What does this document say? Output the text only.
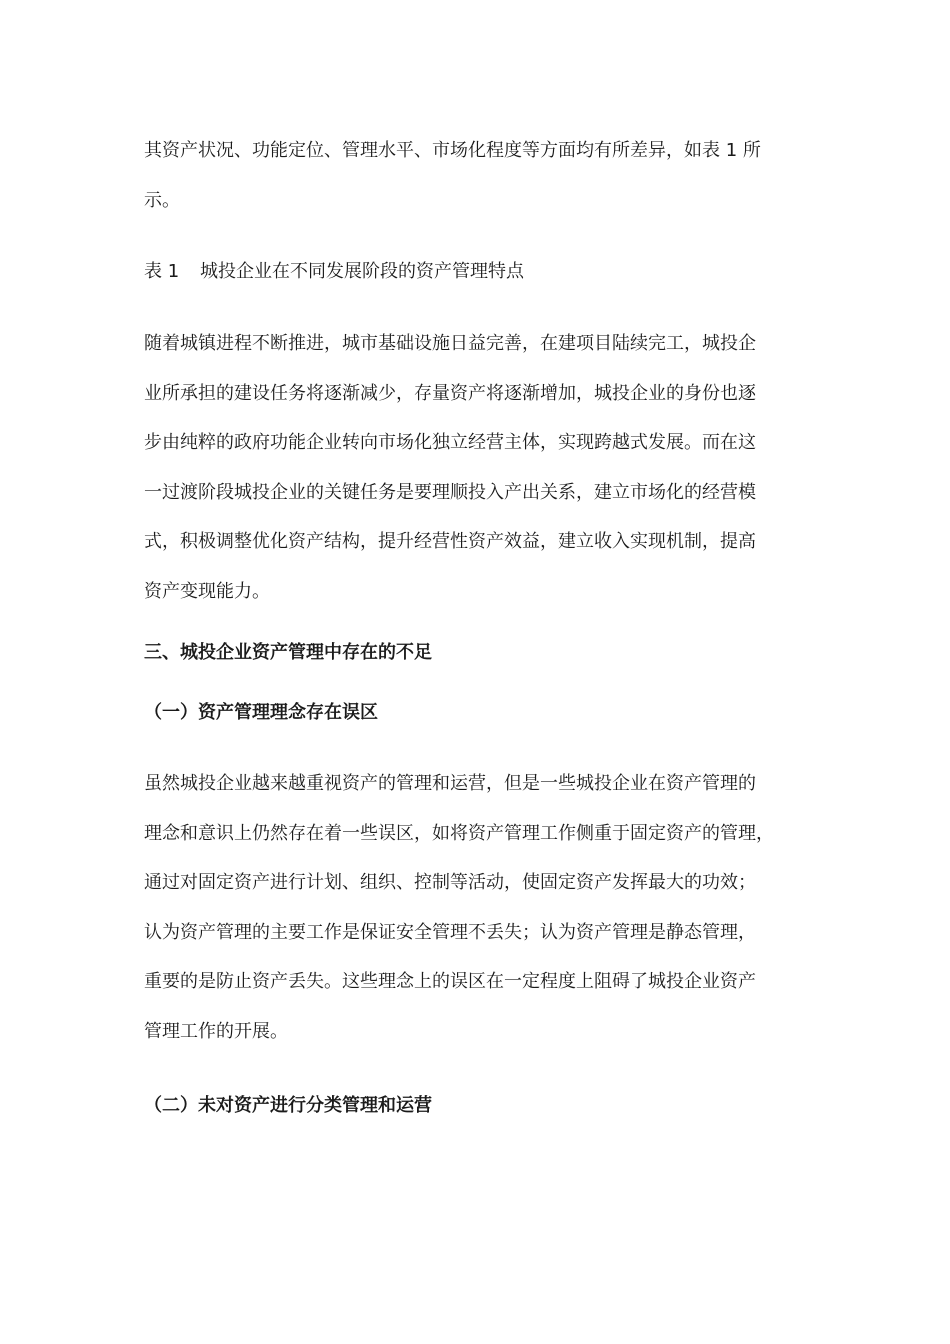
其资产状况、功能定位、管理水平、市场化程度等方面均有所差异，如表 1 所
示。

表 1 城投企业在不同发展阶段的资产管理特点

随着城镇进程不断推进，城市基础设施日益完善，在建项目陆续完工，城投企
业所承担的建设任务将逐渐减少，存量资产将逐渐增加，城投企业的身份也逐
步由纯粹的政府功能企业转向市场化独立经营主体，实现跨越式发展。而在这
一过渡阶段城投企业的关键任务是要理顺投入产出关系，建立市场化的经营模
式，积极调整优化资产结构，提升经营性资产效益，建立收入实现机制，提高
资产变现能力。

三、城投企业资产管理中存在的不足
（一）资产管理理念存在误区

虽然城投企业越来越重视资产的管理和运营，但是一些城投企业在资产管理的
理念和意识上仍然存在着一些误区，如将资产管理工作侧重于固定资产的管理，
通过对固定资产进行计划、组织、控制等活动，使固定资产发挥最大的功效；
认为资产管理的主要工作是保证安全管理不丢失；认为资产管理是静态管理，
重要的是防止资产丢失。这些理念上的误区在一定程度上阻碍了城投企业资产
管理工作的开展。

（二）未对资产进行分类管理和运营
